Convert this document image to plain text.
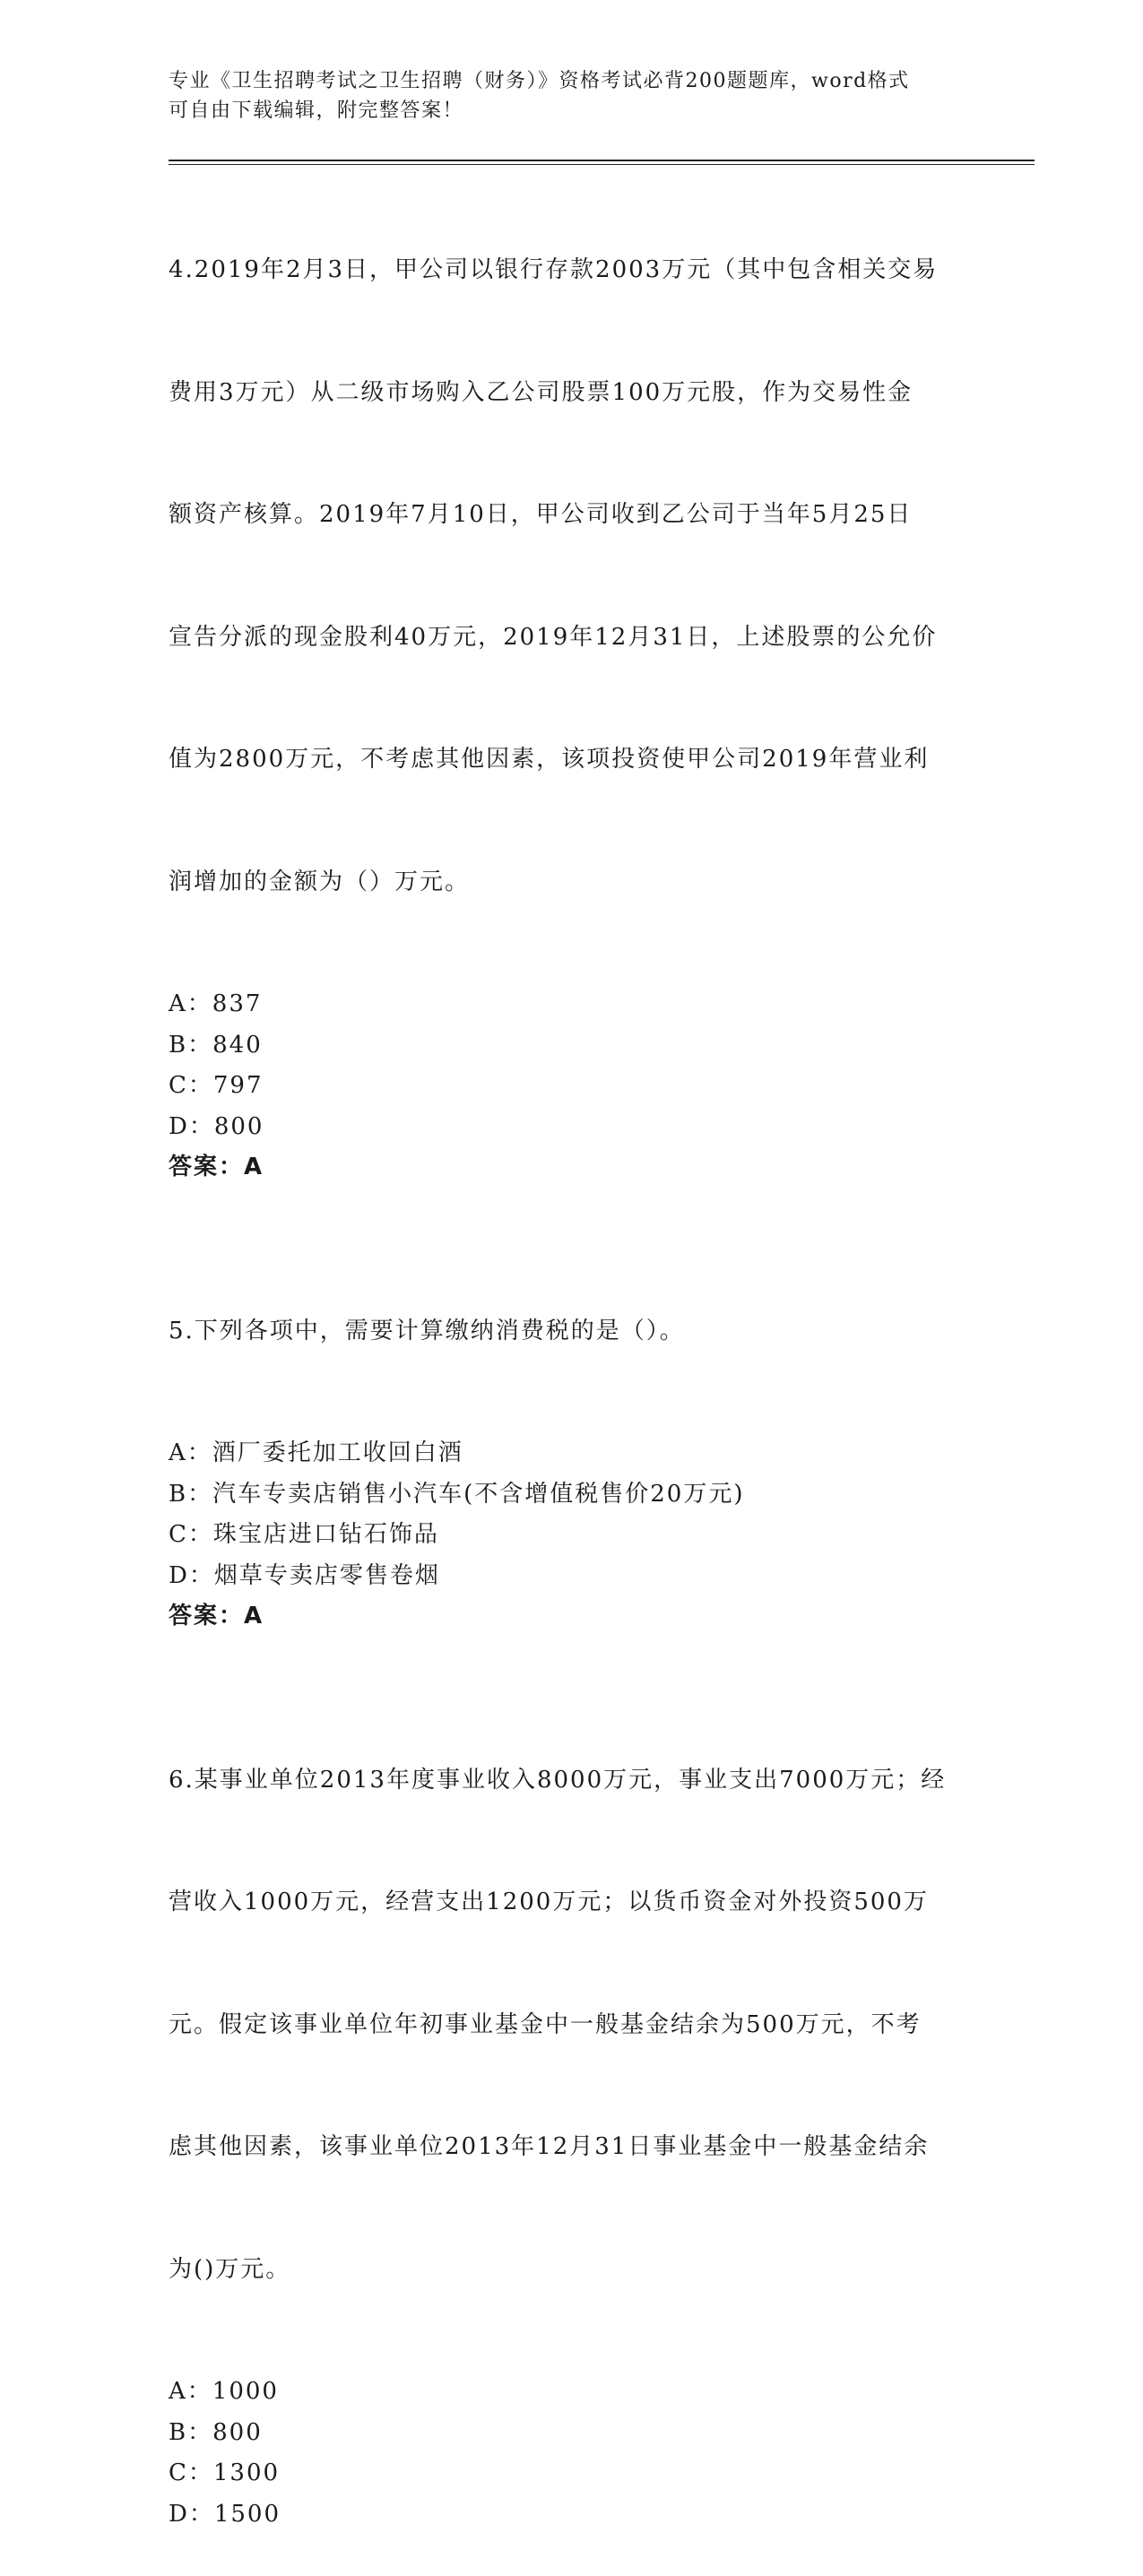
专业《卫生招聘考试之卫生招聘（财务）》资格考试必背200题题库，word格式
可自由下载编辑，附完整答案！

4.2019年2月3日，甲公司以银行存款2003万元（其中包含相关交易

费用3万元）从二级市场购入乙公司股票100万元股，作为交易性金

额资产核算。2019年7月10日，甲公司收到乙公司于当年5月25日

宣告分派的现金股利40万元，2019年12月31日，上述股票的公允价

值为2800万元，不考虑其他因素，该项投资使甲公司2019年营业利

润增加的金额为（）万元。

A：837
B：840
C：797
D：800
答案：A

5.下列各项中，需要计算缴纳消费税的是（）。

A：酒厂委托加工收回白酒
B：汽车专卖店销售小汽车(不含增值税售价20万元)
C：珠宝店进口钻石饰品
D：烟草专卖店零售卷烟
答案：A

6.某事业单位2013年度事业收入8000万元，事业支出7000万元；经

营收入1000万元，经营支出1200万元；以货币资金对外投资500万

元。假定该事业单位年初事业基金中一般基金结余为500万元，不考

虑其他因素，该事业单位2013年12月31日事业基金中一般基金结余

为()万元。

A：1000
B：800
C：1300
D：1500
